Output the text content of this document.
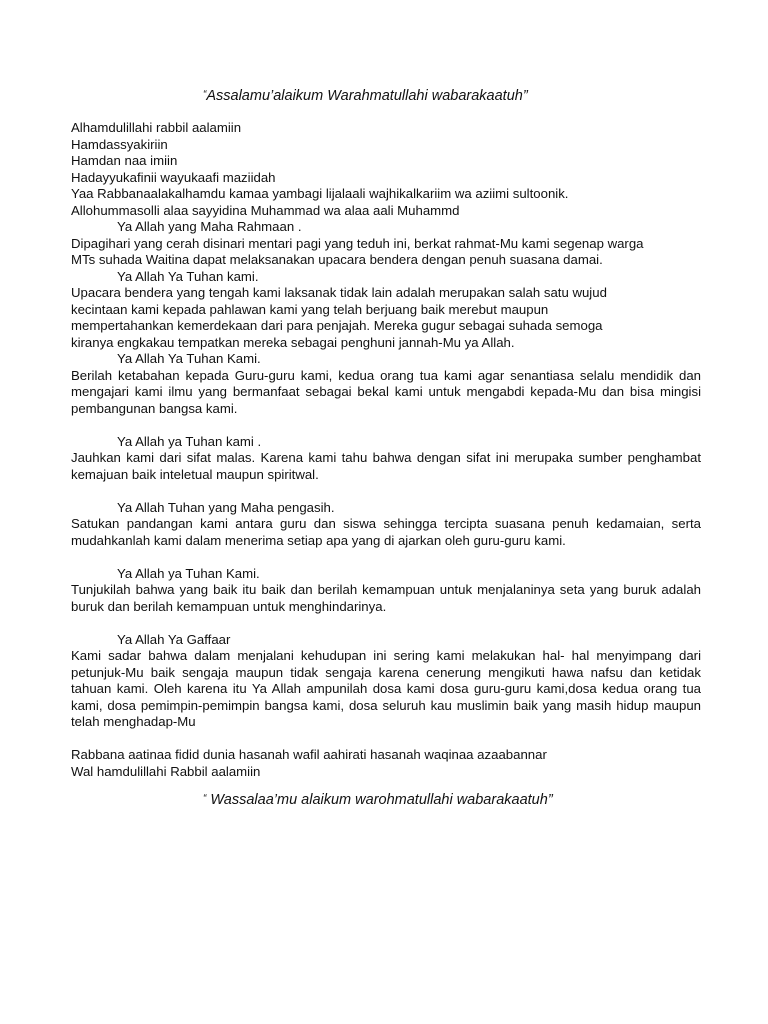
“Assalamu’alaikum Warahmatullahi wabarakaatuh”
Alhamdulillahi rabbil aalamiin
Hamdassyakiriin
Hamdan naa imiin
Hadayyukafinii wayukaafi maziidah
Yaa Rabbanaalakalhamdu kamaa yambagi lijalaali wajhikalkariim wa aziimi sultoonik.
Allohummasolli alaa sayyidina Muhammad wa alaa aali Muhammd
Ya Allah yang Maha Rahmaan .
Dipagihari yang cerah disinari mentari pagi yang teduh ini, berkat rahmat-Mu kami segenap warga
MTs suhada Waitina dapat melaksanakan upacara bendera dengan penuh suasana damai.
Ya Allah Ya Tuhan kami.
Upacara bendera yang tengah kami laksanak tidak lain adalah merupakan salah satu wujud
kecintaan kami kepada pahlawan kami yang telah berjuang baik merebut maupun
mempertahankan kemerdekaan dari para penjajah. Mereka gugur sebagai suhada semoga
kiranya engkakau tempatkan mereka sebagai penghuni jannah-Mu ya Allah.
Ya Allah Ya Tuhan Kami.
Berilah ketabahan kepada Guru-guru kami, kedua orang tua kami agar senantiasa selalu mendidik dan mengajari kami ilmu yang bermanfaat sebagai bekal kami untuk mengabdi kepada-Mu dan bisa mingisi pembangunan bangsa kami.
Ya Allah ya Tuhan kami .
Jauhkan kami dari sifat malas. Karena kami tahu bahwa dengan sifat ini merupaka sumber penghambat kemajuan baik inteletual maupun spiritwal.
Ya Allah Tuhan yang Maha pengasih.
Satukan pandangan kami antara guru dan siswa sehingga tercipta suasana penuh kedamaian, serta mudahkanlah kami dalam menerima setiap apa yang di ajarkan oleh guru-guru kami.
Ya Allah ya Tuhan Kami.
Tunjukilah bahwa yang baik itu baik dan berilah kemampuan untuk menjalaninya seta yang buruk adalah buruk dan berilah kemampuan untuk menghindarinya.
Ya Allah Ya Gaffaar
Kami sadar bahwa dalam menjalani kehudupan ini sering kami melakukan hal- hal menyimpang dari petunjuk-Mu baik sengaja maupun tidak sengaja karena cenerung mengikuti hawa nafsu dan ketidak tahuan kami. Oleh karena itu Ya Allah ampunilah dosa kami dosa guru-guru kami,dosa kedua orang tua kami, dosa pemimpin-pemimpin bangsa kami, dosa seluruh kau muslimin baik yang masih hidup maupun telah menghadap-Mu
Rabbana aatinaa fidid dunia hasanah wafil aahirati hasanah waqinaa azaabannar
Wal hamdulillahi Rabbil aalamiin
“ Wassalaa’mu alaikum warohmatullahi wabarakaatuh”
